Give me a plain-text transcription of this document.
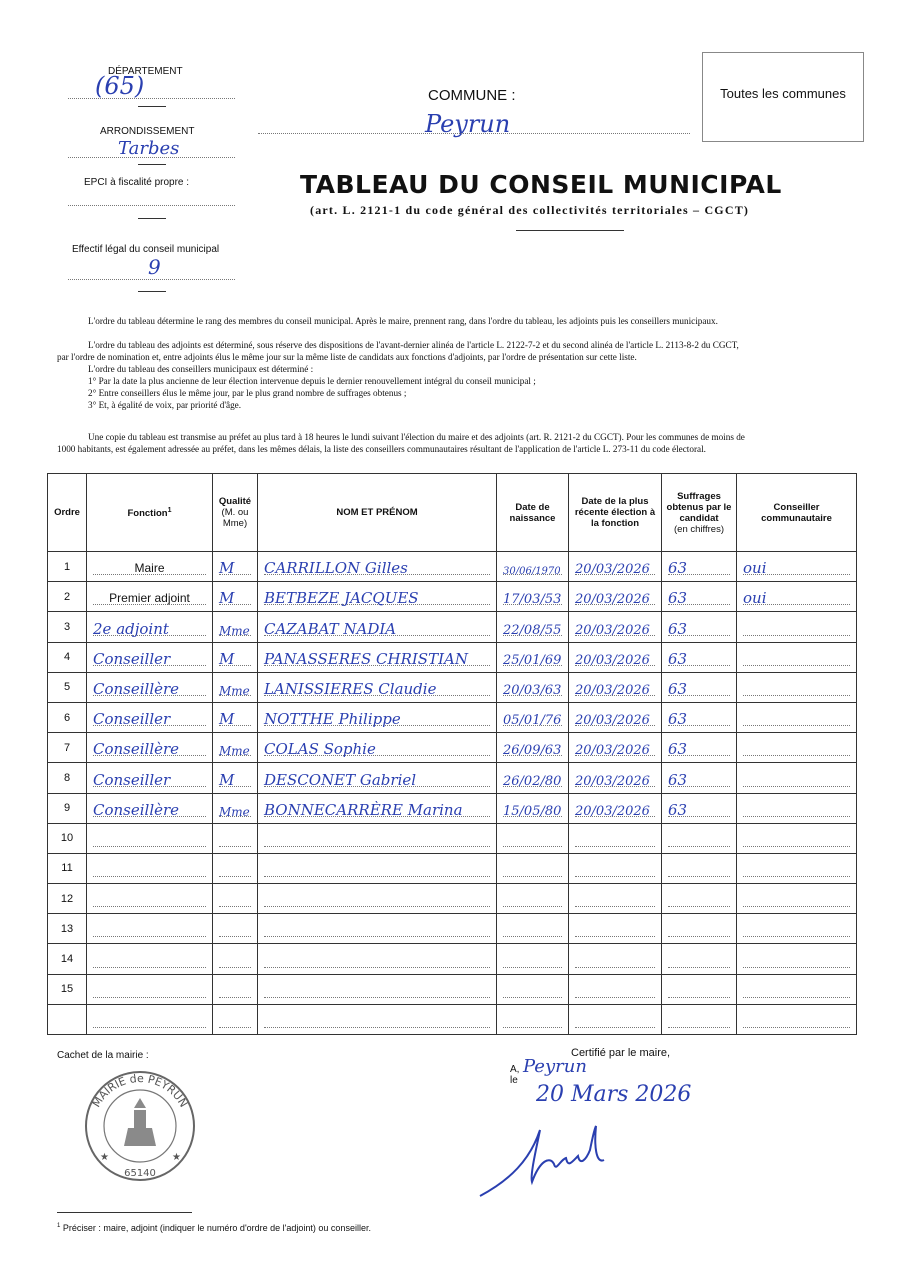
DÉPARTEMENT
(65)
ARRONDISSEMENT
Tarbes
EPCI à fiscalité propre :
Effectif légal du conseil municipal
9
COMMUNE :
Peyrun
Toutes les communes
TABLEAU DU CONSEIL MUNICIPAL
(art. L. 2121-1 du code général des collectivités territoriales – CGCT)
L'ordre du tableau détermine le rang des membres du conseil municipal. Après le maire, prennent rang, dans l'ordre du tableau, les adjoints puis les conseillers municipaux.
L'ordre du tableau des adjoints est déterminé, sous réserve des dispositions de l'avant-dernier alinéa de l'article L. 2122-7-2 et du second alinéa de l'article L. 2113-8-2 du CGCT,
par l'ordre de nomination et, entre adjoints élus le même jour sur la même liste de candidats aux fonctions d'adjoints, par l'ordre de présentation sur cette liste.
L'ordre du tableau des conseillers municipaux est déterminé :
1° Par la date la plus ancienne de leur élection intervenue depuis le dernier renouvellement intégral du conseil municipal ;
2° Entre conseillers élus le même jour, par le plus grand nombre de suffrages obtenus ;
3° Et, à égalité de voix, par priorité d'âge.
Une copie du tableau est transmise au préfet au plus tard à 18 heures le lundi suivant l'élection du maire et des adjoints (art. R. 2121-2 du CGCT). Pour les communes de moins de
1000 habitants, est également adressée au préfet, dans les mêmes délais, la liste des conseillers communautaires résultant de l'application de l'article L. 273-11 du code électoral.
Ordre	Fonction$^1$	Qualité
(M. ou
Mme)	NOM ET PRÉNOM	Date de
naissance	Date de la plus
récente élection à
la fonction	Suffrages
obtenus par le
candidat
(en chiffres)	Conseiller
communautaire
1	Maire	M	CARRILLON Gilles	30/06/1970	20/03/2026	63	oui

2	Premier adjoint	M	BETBEZE JACQUES	17/03/53	20/03/2026	63	oui

3	2e adjoint	Mme	CAZABAT NADIA	22/08/55	20/03/2026	63	

4	Conseiller	M	PANASSERES CHRISTIAN	25/01/69	20/03/2026	63	

5	Conseillère	Mme	LANISSIERES Claudie	20/03/63	20/03/2026	63	

6	Conseiller	M	NOTTHE Philippe	05/01/76	20/03/2026	63	

7	Conseillère	Mme	COLAS Sophie	26/09/63	20/03/2026	63	

8	Conseiller	M	DESCONET Gabriel	26/02/80	20/03/2026	63	

9	Conseillère	Mme	BONNECARRÈRE Marina	15/05/80	20/03/2026	63	

10	

11	

12	

13	

14	

15	

Cachet de la mairie :
MAIRIE de PEYRUN
65140
★	★
Certifié par le maire,
A,
le
Peyrun
20 Mars 2026
$^1$ Préciser : maire, adjoint (indiquer le numéro d'ordre de l'adjoint) ou conseiller.
